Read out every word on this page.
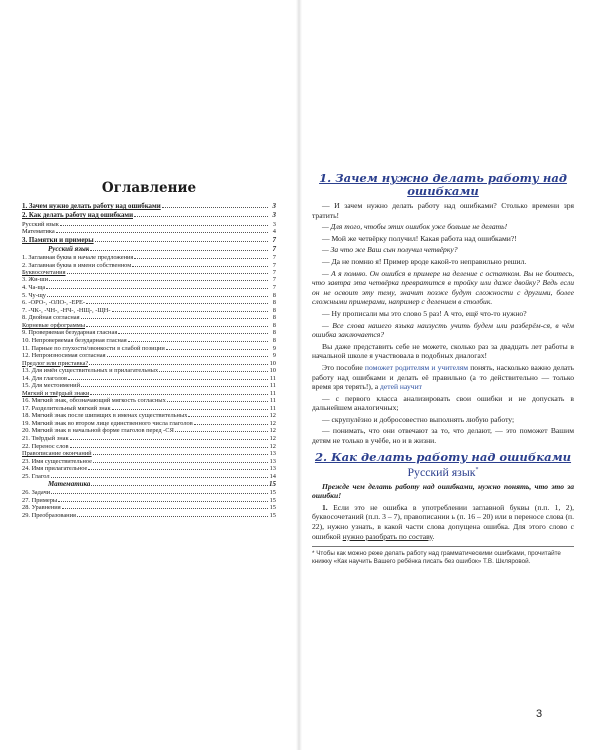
Оглавление
1. Зачем нужно делать работу над ошибками	3
2. Как делать работу над ошибками	3
Русский язык	3
Математика	4
3. Памятки и примеры	7
Русский язык	7
1. Заглавная буква в начале предложения	7
2. Заглавная буква в имени собственном	7
Буквосочетания	7
3. Жи-ши	7
4. Ча-ща	7
5. Чу-щу	8
6. -ОРО-, -ОЛО-, -ЕРЕ-	8
7. -ЧК-, -ЧН-, -НЧ-, -НЩ-, -ЩН-	8
8. Двойная согласная	8
Корневые орфограммы	8
9. Проверяемая безударная гласная	8
10. Непроверяемая безударная гласная	8
11. Парные по глухости/звонкости в слабой позиции	9
12. Непроизносимая согласная	9
Предлог или приставка?	10
13. Для имён существительных и прилагательных	10
14. Для глаголов	11
15. Для местоимений	11
Мягкий и твёрдый знаки	11
16. Мягкий знак, обозначающий мягкость согласных	11
17. Разделительный мягкий знак	11
18. Мягкий знак после шипящих в именах существительных	12
19. Мягкий знак во втором лице единственного числа глаголов	12
20. Мягкий знак в начальной форме глаголов перед -СЯ	12
21. Твёрдый знак	12
22. Перенос слов	12
Правописание окончаний	13
23. Имя существительное	13
24. Имя прилагательное	13
25. Глагол	14
Математика	15
26. Задачи	15
27. Примеры	15
28. Уравнения	15
29. Преобразования	15
1. Зачем нужно делать работу над ошибками

— И зачем нужно делать работу над ошибками? Столько времени зря тратить!

— Для того, чтобы этих ошибок уже больше не делать!

— Мой же четвёрку получил! Какая работа над ошибками?!

— За что же Ваш сын получил четвёрку?

— Да не помню я! Пример вроде какой-то неправильно решил.

— А я помню. Он ошибся в примере на деление с остатком. Вы не боитесь, что завтра эта четвёрка превратится в тройку или даже двойку? Ведь если он не освоит эту тему, значит позже будут сложности с другими, более сложными примерами, например с делением в столбик.

— Ну прописали мы это слово 5 раз! А что, ещё что-то нужно?

— Все слова нашего языка наизусть учить будем или разберём-ся, в чём ошибка заключается?

Вы даже представить себе не можете, сколько раз за двадцать лет работы в начальной школе я участвовала в подобных диалогах!

Это пособие поможет родителям и учителям понять, насколько важно делать работу над ошибками и делать её правильно (а то действительно — только время зря терять!), а детей научит

— с первого класса анализировать свои ошибки и не допускать в дальнейшем аналогичных;

— скрупулёзно и добросовестно выполнять любую работу;

— понимать, что они отвечают за то, что делают, — это поможет Вашим детям не только в учёбе, но и в жизни.

2. Как делать работу над ошибками
Русский язык*

Прежде чем делать работу над ошибками, нужно понять, что это за ошибки!

1. Если это не ошибка в употреблении заглавной буквы (п.п. 1, 2), буквосочетаний (п.п. 3 – 7), правописании ь (п. 16 – 20) или в переносе слова (п. 22), нужно узнать, в какой части слова допущена ошибка. Для этого слово с ошибкой нужно разобрать по составу.

* Чтобы как можно реже делать работу над грамматическими ошибками, прочитайте книжку «Как научить Вашего ребёнка писать без ошибок» Т.В. Шкляровой.
3
